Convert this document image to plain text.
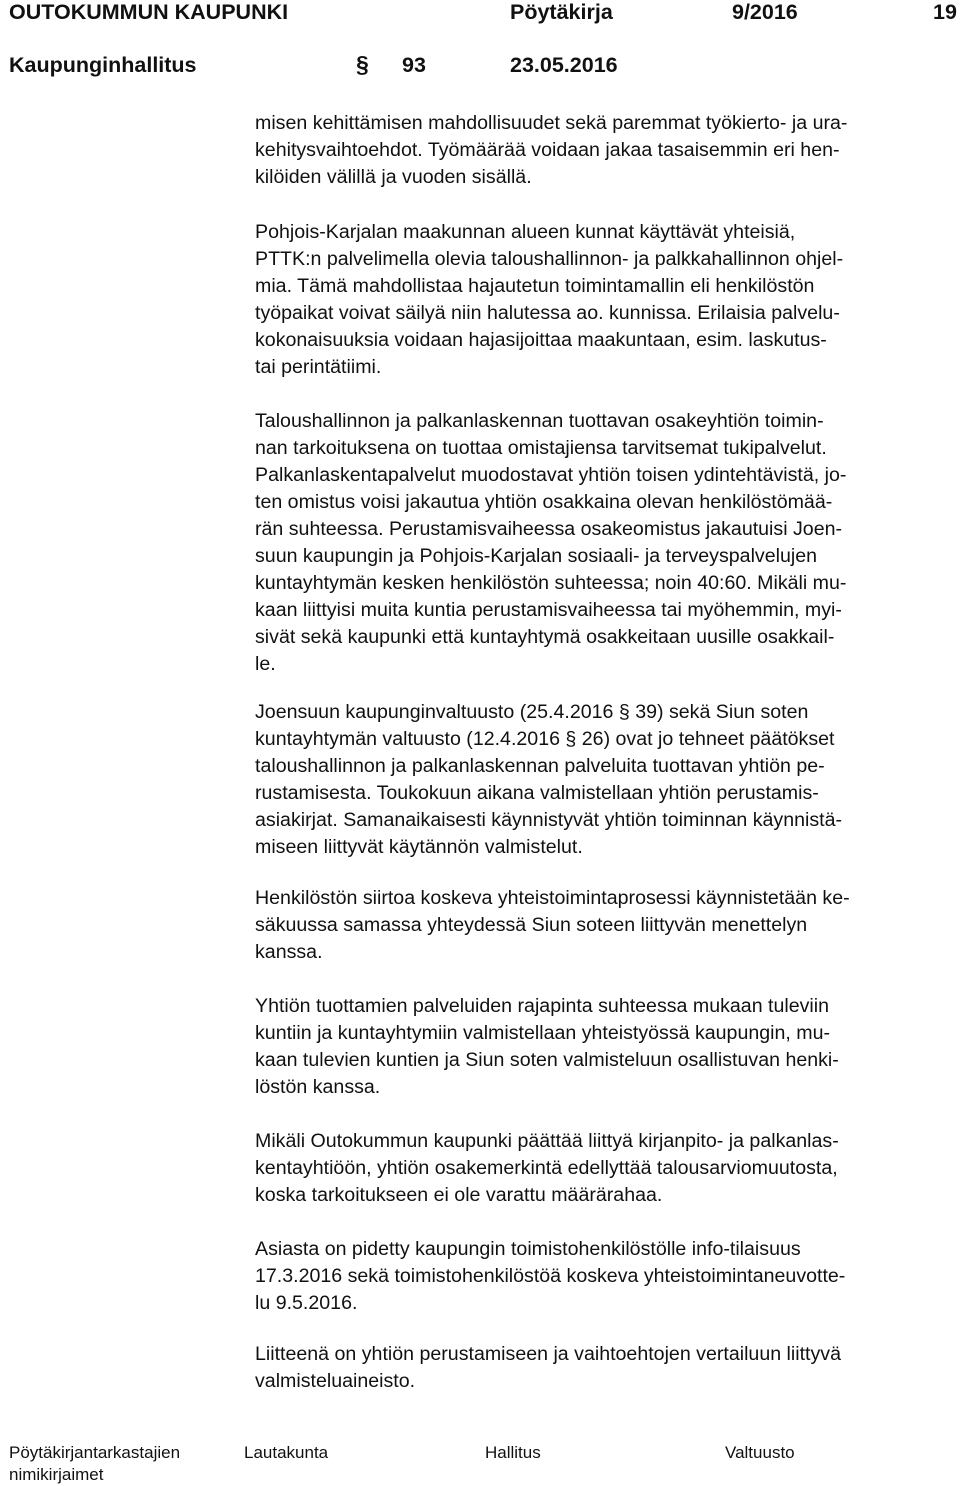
OUTOKUMMUN KAUPUNKI	Pöytäkirja	9/2016	19
Kaupunginhallitus	§ 93	23.05.2016
misen kehittämisen mahdollisuudet sekä paremmat työkierto- ja ura-
kehitysvaihtoehdot. Työmäärää voidaan jakaa tasaisemmin eri hen-
kilöiden välillä ja vuoden sisällä.
Pohjois-Karjalan maakunnan alueen kunnat käyttävät yhteisiä,
PTTK:n palvelimella olevia taloushallinnon- ja palkkahallinnon ohjel-
mia. Tämä mahdollistaa hajautetun toimintamallin eli henkilöstön
työpaikat voivat säilyä niin halutessa ao. kunnissa. Erilaisia palvelu-
kokonaisuuksia voidaan hajasijoittaa maakuntaan, esim. laskutus-
tai perintätiimi.
Taloushallinnon ja palkanlaskennan tuottavan osakeyhtiön toimin-
nan tarkoituksena on tuottaa omistajiensa tarvitsemat tukipalvelut.
Palkanlaskentapalvelut muodostavat yhtiön toisen ydintehtävistä, jo-
ten omistus voisi jakautua yhtiön osakkaina olevan henkilöstömää-
rän suhteessa. Perustamisvaiheessa osakeomistus jakautuisi Joen-
suun kaupungin ja Pohjois-Karjalan sosiaali- ja terveyspalvelujen
kuntayhtymän kesken henkilöstön suhteessa; noin 40:60. Mikäli mu-
kaan liittyisi muita kuntia perustamisvaiheessa tai myöhemmin, myi-
sivät sekä kaupunki että kuntayhtymä osakkeitaan uusille osakkail-
le.
Joensuun kaupunginvaltuusto (25.4.2016 § 39) sekä Siun soten
kuntayhtymän valtuusto (12.4.2016 § 26) ovat jo tehneet päätökset
taloushallinnon ja palkanlaskennan palveluita tuottavan yhtiön pe-
rustamisesta. Toukokuun aikana valmistellaan yhtiön perustamis-
asiakirjat. Samanaikaisesti käynnistyvät yhtiön toiminnan käynnistä-
miseen liittyvät käytännön valmistelut.
Henkilöstön siirtoa koskeva yhteistoimintaprosessi käynnistetään ke-
säkuussa samassa yhteydessä Siun soteen liittyvän menettelyn
kanssa.
Yhtiön tuottamien palveluiden rajapinta suhteessa mukaan tuleviin
kuntiin ja kuntayhtymiin valmistellaan yhteistyössä kaupungin, mu-
kaan tulevien kuntien ja Siun soten valmisteluun osallistuvan henki-
löstön kanssa.
Mikäli Outokummun kaupunki päättää liittyä kirjanpito- ja palkanlas-
kentayhtiöön, yhtiön osakemerkintä edellyttää talousarviomuutosta,
koska tarkoitukseen ei ole varattu määrärahaa.
Asiasta on pidetty kaupungin toimistohenkilöstölle info-tilaisuus
17.3.2016 sekä toimistohenkilöstöä koskeva yhteistoimintaneuvotte-
lu 9.5.2016.
Liitteenä on yhtiön perustamiseen ja vaihtoehtojen vertailuun liittyvä
valmisteluaineisto.
Pöytäkirjantarkastajien
nimikirjaimet
Lautakunta	Hallitus	Valtuusto
